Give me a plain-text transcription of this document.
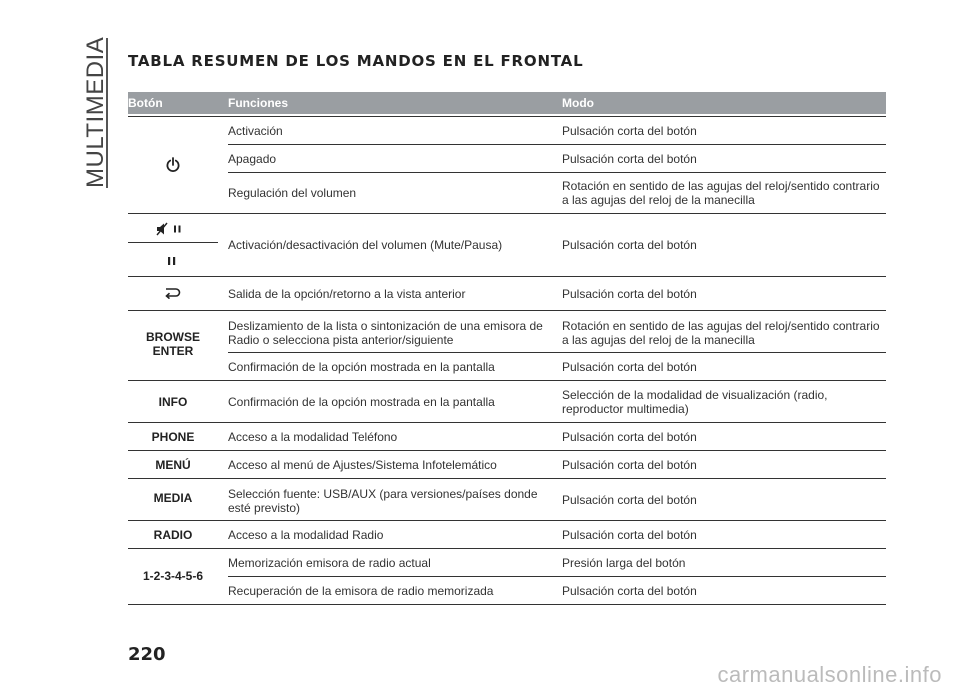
MULTIMEDIA TABLA RESUMEN DE LOS MANDOS EN EL FRONTAL
Botón	Funciones	Modo
BROWSE ENTER
INFO
PHONE
MENÚ
MEDIA
RADIO
1-2-3-4-5-6
Activación
Apagado
Regulación del volumen
Activación/desactivación del volumen (Mute/Pausa)
Salida de la opción/retorno a la vista anterior
Deslizamiento de la lista o sintonización de una emisora de Radio o selecciona pista anterior/siguiente
Confirmación de la opción mostrada en la pantalla
Confirmación de la opción mostrada en la pantalla
Acceso a la modalidad Teléfono
Acceso al menú de Ajustes/Sistema Infotelemático
Selección fuente: USB/AUX (para versiones/países donde esté previsto)
Acceso a la modalidad Radio
Memorización emisora de radio actual
Recuperación de la emisora de radio memorizada
Pulsación corta del botón
Pulsación corta del botón
Rotación en sentido de las agujas del reloj/sentido contrario a las agujas del reloj de la manecilla
Pulsación corta del botón
Pulsación corta del botón
Rotación en sentido de las agujas del reloj/sentido contrario a las agujas del reloj de la manecilla
Pulsación corta del botón
Selección de la modalidad de visualización (radio, reproductor multimedia)
Pulsación corta del botón
Pulsación corta del botón
Pulsación corta del botón
Pulsación corta del botón
Presión larga del botón
Pulsación corta del botón
220
carmanualsonline.info
